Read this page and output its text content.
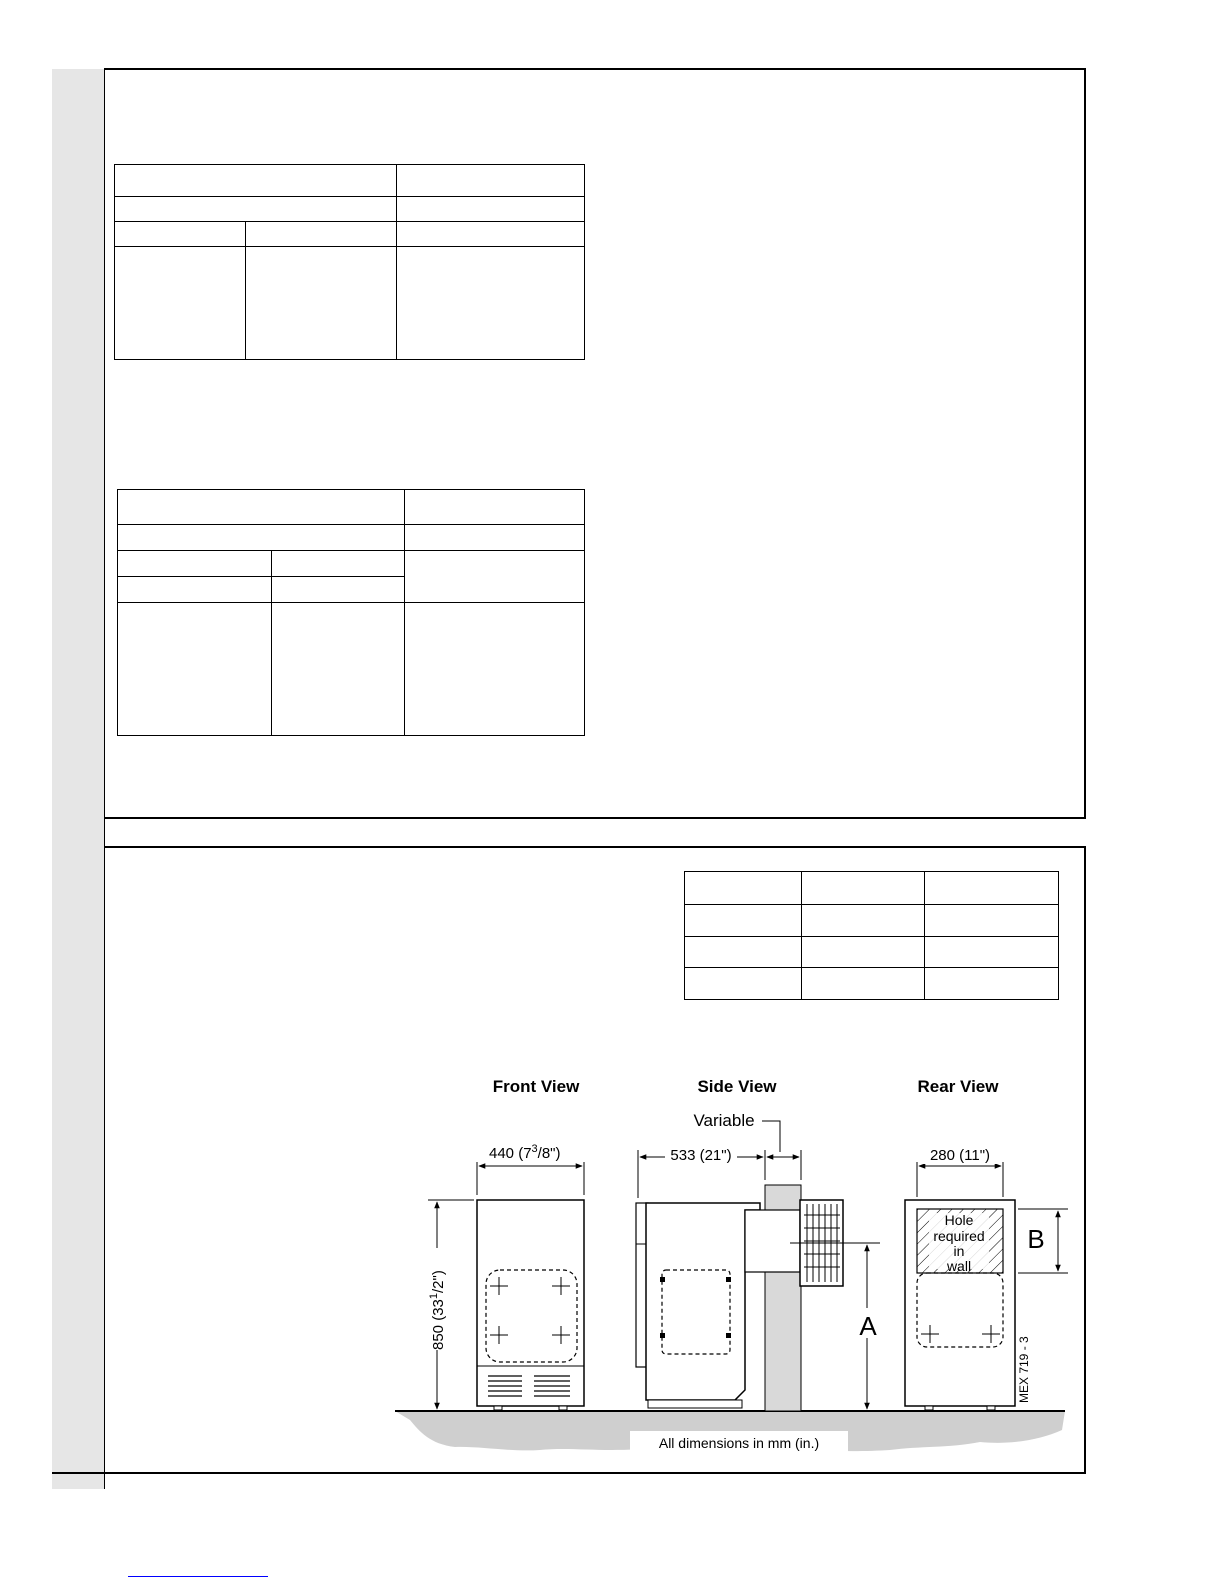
Front View	Side View	Rear View
440 $(7^3/8")$
850 $(33^1/2")$
533 (21")
Variable
A
Hole
required
in
wall
280 (11")
B
MEX 719 - 3
All dimensions in mm (in.)
